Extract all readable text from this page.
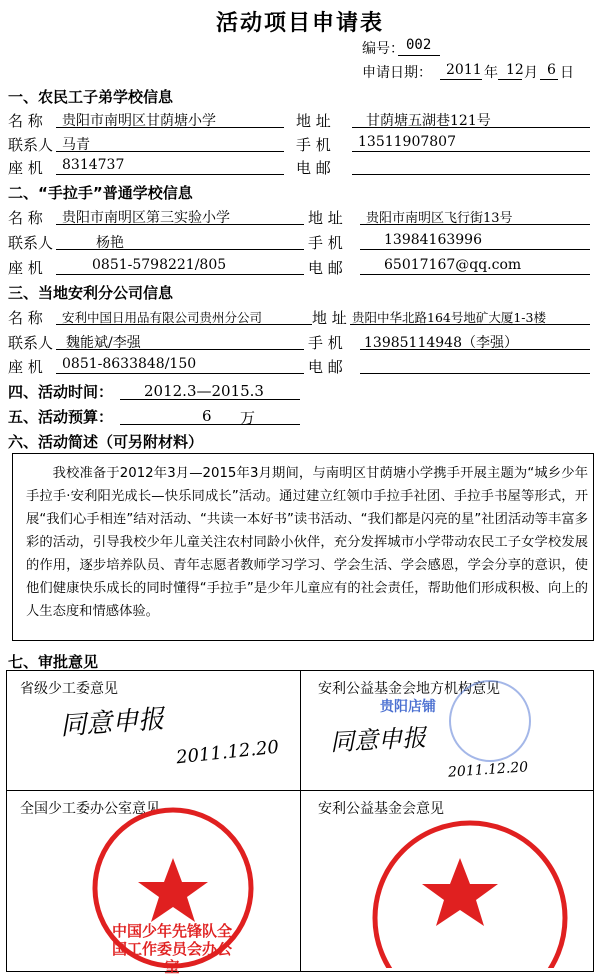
活动项目申请表
编号： 002
申请日期： 2011 年 12 月 6 日
一、农民工子弟学校信息
名 称 贵阳市南明区甘荫塘小学	地 址	甘荫塘五湖巷121号
联系人 马青	手 机 13511907807
座 机 8314737	电 邮
二、“手拉手”普通学校信息
名 称 贵阳市南明区第三实验小学	地 址 贵阳市南明区飞行街13号
联系人	杨艳	手 机	13984163996
座 机	0851-5798221/805	电 邮	65017167@qq.com
三、当地安利分公司信息
名 称 安利中国日用品有限公司贵州分公司	地 址 贵阳中华北路164号地矿大厦1-3楼
联系人 魏能斌/李强	手 机 13985114948（李强）
座 机 0851-8633848/150	电 邮
四、活动时间： 2012.3—2015.3
五、活动预算：	6 万
六、活动简述（可另附材料）
我校准备于2012年3月—2015年3月期间，与南明区甘荫塘小学携手开展主题为“城乡少年手拉手·安利阳光成长—快乐同成长”活动。通过建立红领巾手拉手社团、手拉手书屋等形式，开展“我们心手相连”结对活动、“共读一本好书”读书活动、“我们都是闪亮的星”社团活动等丰富多彩的活动，引导我校少年儿童关注农村同龄小伙伴，充分发挥城市小学带动农民工子女学校发展的作用，逐步培养队员、青年志愿者教师学习学习、学会生活、学会感恩，学会分享的意识，使他们健康快乐成长的同时懂得“手拉手”是少年儿童应有的社会责任，帮助他们形成积极、向上的人生态度和情感体验。
七、审批意见
省级少工委意见
同意申报
2011.12.20
安利公益基金会地方机构意见
贵阳店铺
同意申报
2011.12.20
全国少工委办公室意见
中国少年先锋队全国工作委员会办公室
安利公益基金会意见
